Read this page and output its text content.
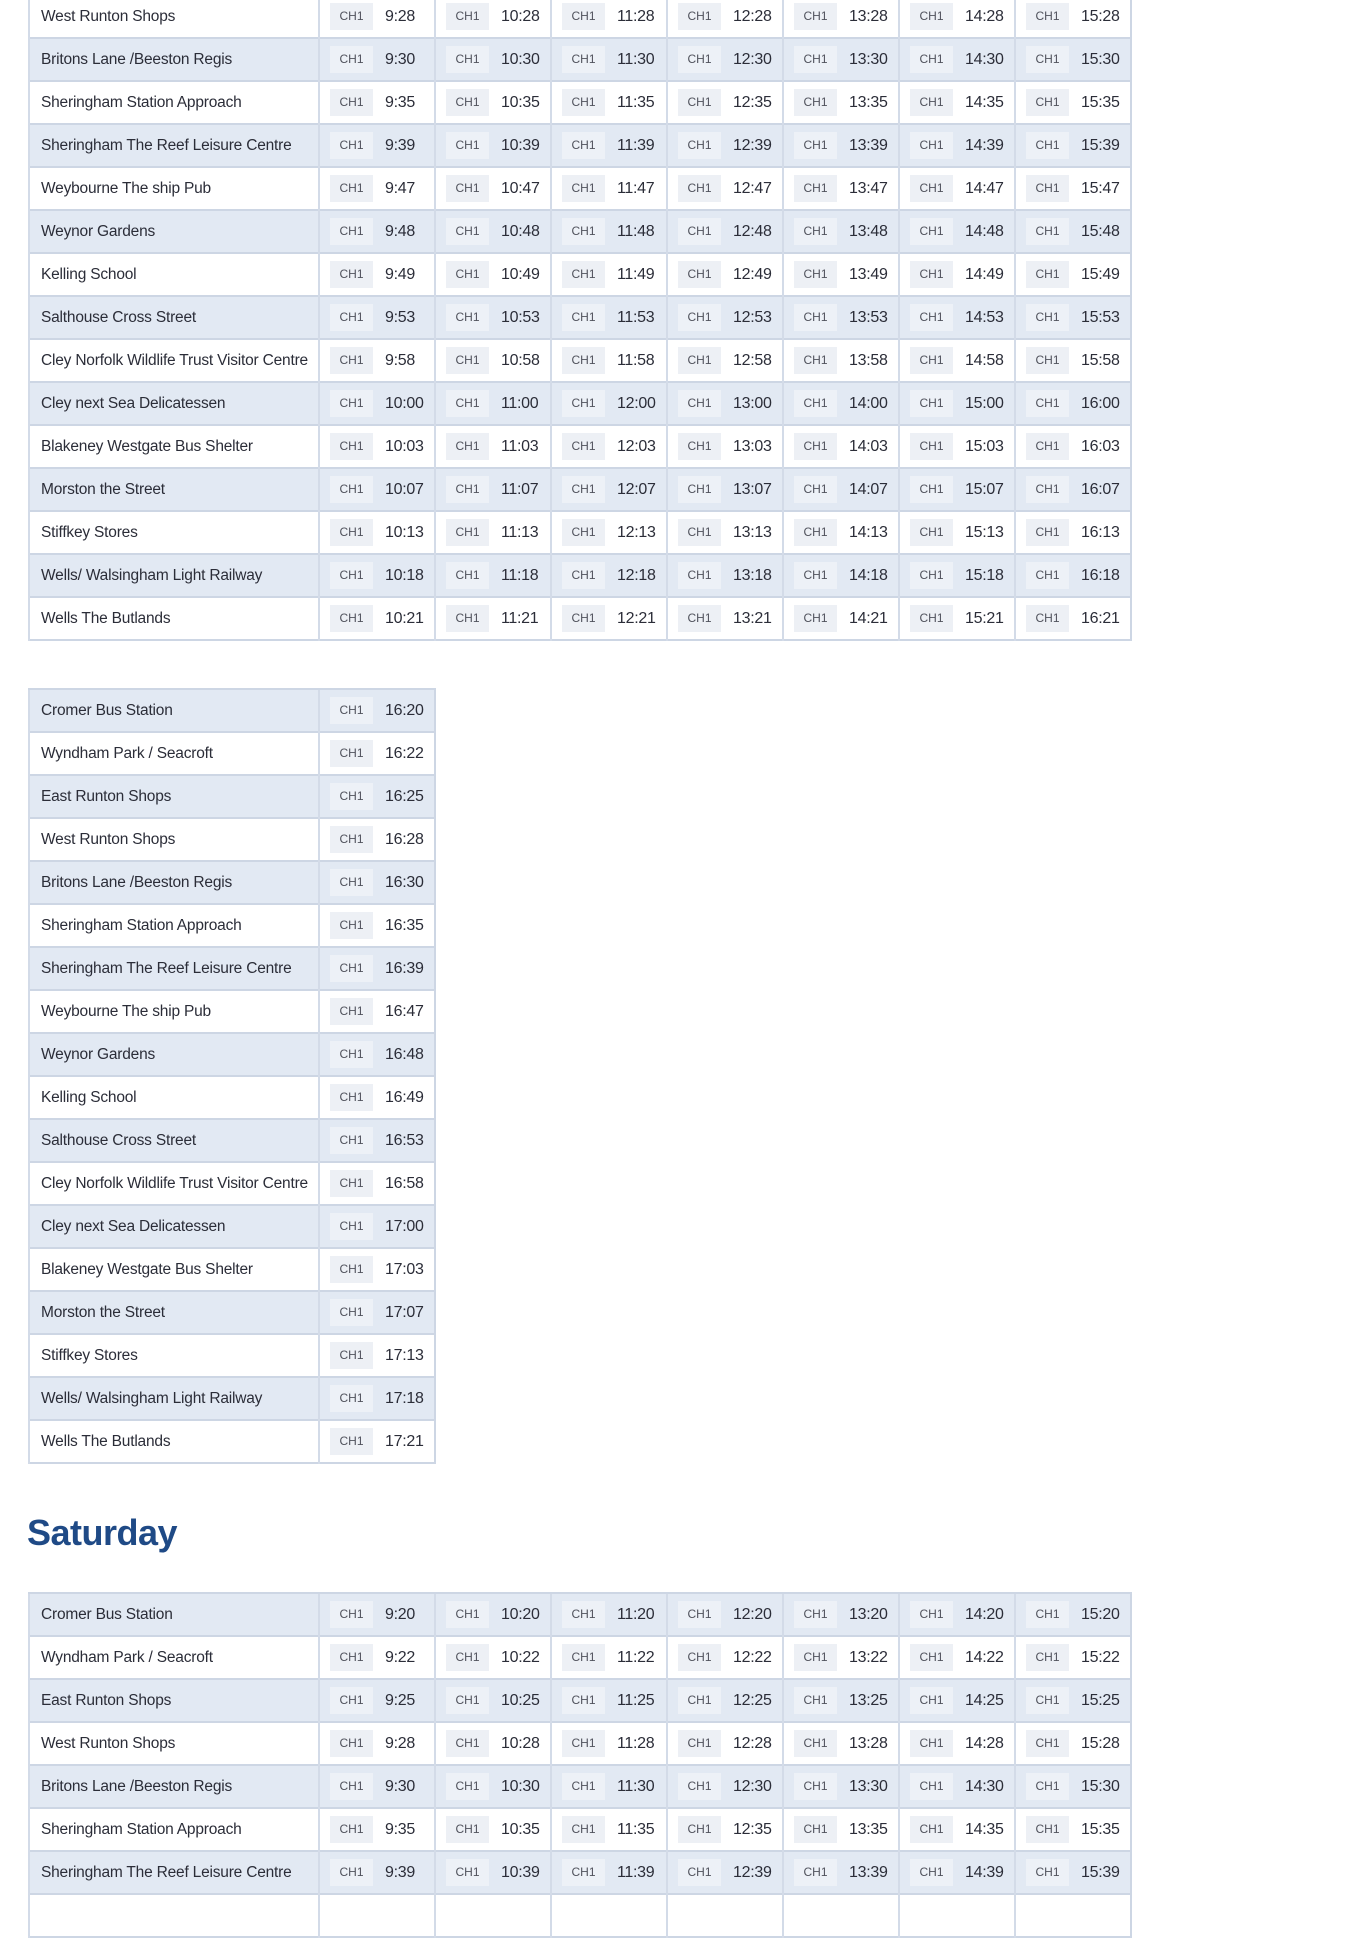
West Runton Shops	CH1 9:28	CH1 10:28	CH1 11:28	CH1 12:28	CH1 13:28	CH1 14:28	CH1 15:28

Britons Lane /Beeston Regis	CH1 9:30	CH1 10:30	CH1 11:30	CH1 12:30	CH1 13:30	CH1 14:30	CH1 15:30

Sheringham Station Approach	CH1 9:35	CH1 10:35	CH1 11:35	CH1 12:35	CH1 13:35	CH1 14:35	CH1 15:35

Sheringham The Reef Leisure Centre	CH1 9:39	CH1 10:39	CH1 11:39	CH1 12:39	CH1 13:39	CH1 14:39	CH1 15:39

Weybourne The ship Pub	CH1 9:47	CH1 10:47	CH1 11:47	CH1 12:47	CH1 13:47	CH1 14:47	CH1 15:47

Weynor Gardens	CH1 9:48	CH1 10:48	CH1 11:48	CH1 12:48	CH1 13:48	CH1 14:48	CH1 15:48

Kelling School	CH1 9:49	CH1 10:49	CH1 11:49	CH1 12:49	CH1 13:49	CH1 14:49	CH1 15:49

Salthouse Cross Street	CH1 9:53	CH1 10:53	CH1 11:53	CH1 12:53	CH1 13:53	CH1 14:53	CH1 15:53

Cley Norfolk Wildlife Trust Visitor Centre	CH1 9:58	CH1 10:58	CH1 11:58	CH1 12:58	CH1 13:58	CH1 14:58	CH1 15:58

Cley next Sea Delicatessen	CH1 10:00	CH1 11:00	CH1 12:00	CH1 13:00	CH1 14:00	CH1 15:00	CH1 16:00

Blakeney Westgate Bus Shelter	CH1 10:03	CH1 11:03	CH1 12:03	CH1 13:03	CH1 14:03	CH1 15:03	CH1 16:03

Morston the Street	CH1 10:07	CH1 11:07	CH1 12:07	CH1 13:07	CH1 14:07	CH1 15:07	CH1 16:07

Stiffkey Stores	CH1 10:13	CH1 11:13	CH1 12:13	CH1 13:13	CH1 14:13	CH1 15:13	CH1 16:13

Wells/ Walsingham Light Railway	CH1 10:18	CH1 11:18	CH1 12:18	CH1 13:18	CH1 14:18	CH1 15:18	CH1 16:18

Wells The Butlands	CH1 10:21	CH1 11:21	CH1 12:21	CH1 13:21	CH1 14:21	CH1 15:21	CH1 16:21
Cromer Bus Station	CH1 16:20

Wyndham Park / Seacroft	CH1 16:22

East Runton Shops	CH1 16:25

West Runton Shops	CH1 16:28

Britons Lane /Beeston Regis	CH1 16:30

Sheringham Station Approach	CH1 16:35

Sheringham The Reef Leisure Centre	CH1 16:39

Weybourne The ship Pub	CH1 16:47

Weynor Gardens	CH1 16:48

Kelling School	CH1 16:49

Salthouse Cross Street	CH1 16:53

Cley Norfolk Wildlife Trust Visitor Centre	CH1 16:58

Cley next Sea Delicatessen	CH1 17:00

Blakeney Westgate Bus Shelter	CH1 17:03

Morston the Street	CH1 17:07

Stiffkey Stores	CH1 17:13

Wells/ Walsingham Light Railway	CH1 17:18

Wells The Butlands	CH1 17:21
Saturday
Cromer Bus Station	CH1 9:20	CH1 10:20	CH1 11:20	CH1 12:20	CH1 13:20	CH1 14:20	CH1 15:20

Wyndham Park / Seacroft	CH1 9:22	CH1 10:22	CH1 11:22	CH1 12:22	CH1 13:22	CH1 14:22	CH1 15:22

East Runton Shops	CH1 9:25	CH1 10:25	CH1 11:25	CH1 12:25	CH1 13:25	CH1 14:25	CH1 15:25

West Runton Shops	CH1 9:28	CH1 10:28	CH1 11:28	CH1 12:28	CH1 13:28	CH1 14:28	CH1 15:28

Britons Lane /Beeston Regis	CH1 9:30	CH1 10:30	CH1 11:30	CH1 12:30	CH1 13:30	CH1 14:30	CH1 15:30

Sheringham Station Approach	CH1 9:35	CH1 10:35	CH1 11:35	CH1 12:35	CH1 13:35	CH1 14:35	CH1 15:35

Sheringham The Reef Leisure Centre	CH1 9:39	CH1 10:39	CH1 11:39	CH1 12:39	CH1 13:39	CH1 14:39	CH1 15:39
